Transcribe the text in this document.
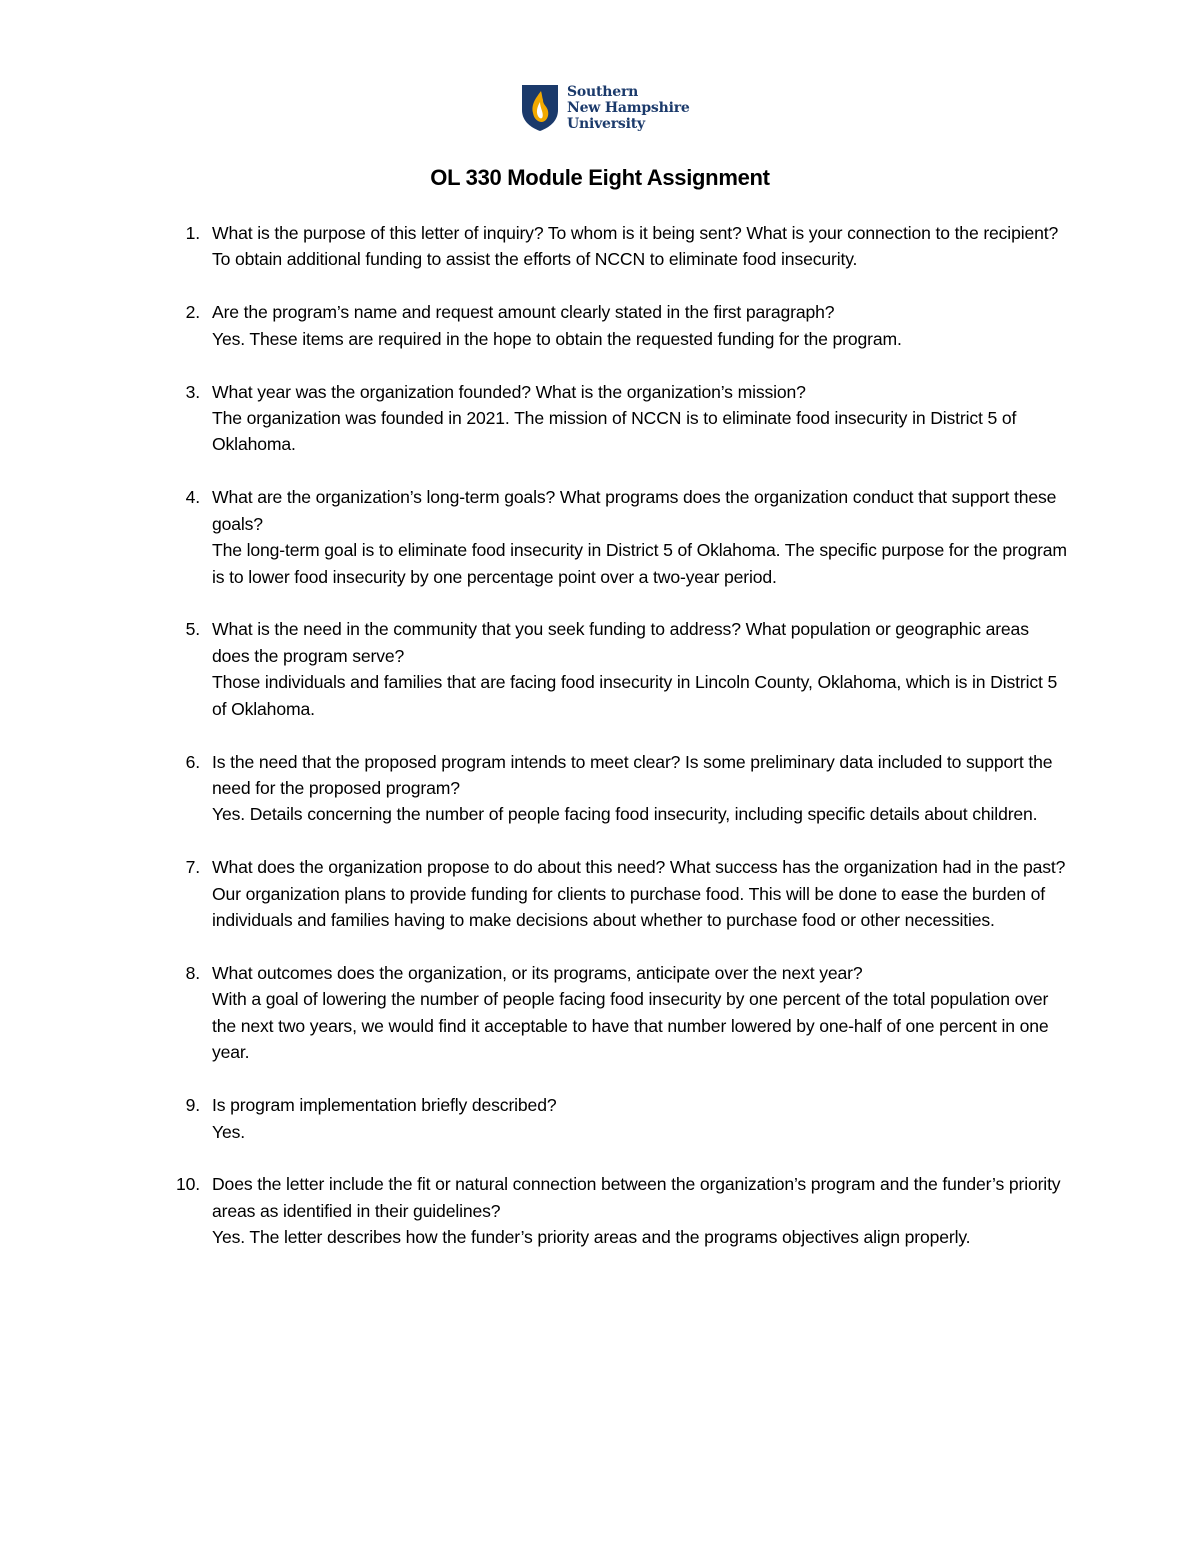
Southern
New Hampshire
University
OL 330 Module Eight Assignment
1. What is the purpose of this letter of inquiry? To whom is it being sent? What is your connection to the recipient?

To obtain additional funding to assist the efforts of NCCN to eliminate food insecurity.

2. Are the program’s name and request amount clearly stated in the first paragraph?

Yes. These items are required in the hope to obtain the requested funding for the program.

3. What year was the organization founded? What is the organization’s mission?

The organization was founded in 2021. The mission of NCCN is to eliminate food insecurity in District 5 of Oklahoma.

4. What are the organization’s long-term goals? What programs does the organization conduct that support these goals?

The long-term goal is to eliminate food insecurity in District 5 of Oklahoma. The specific purpose for the program is to lower food insecurity by one percentage point over a two-year period.

5. What is the need in the community that you seek funding to address? What population or geographic areas does the program serve?

Those individuals and families that are facing food insecurity in Lincoln County, Oklahoma, which is in District 5 of Oklahoma.

6. Is the need that the proposed program intends to meet clear? Is some preliminary data included to support the need for the proposed program?

Yes. Details concerning the number of people facing food insecurity, including specific details about children.

7. What does the organization propose to do about this need? What success has the organization had in the past?

Our organization plans to provide funding for clients to purchase food. This will be done to ease the burden of individuals and families having to make decisions about whether to purchase food or other necessities.

8. What outcomes does the organization, or its programs, anticipate over the next year?

With a goal of lowering the number of people facing food insecurity by one percent of the total population over the next two years, we would find it acceptable to have that number lowered by one-half of one percent in one year.

9. Is program implementation briefly described?

Yes.

10. Does the letter include the fit or natural connection between the organization’s program and the funder’s priority areas as identified in their guidelines?

Yes. The letter describes how the funder’s priority areas and the programs objectives align properly.
